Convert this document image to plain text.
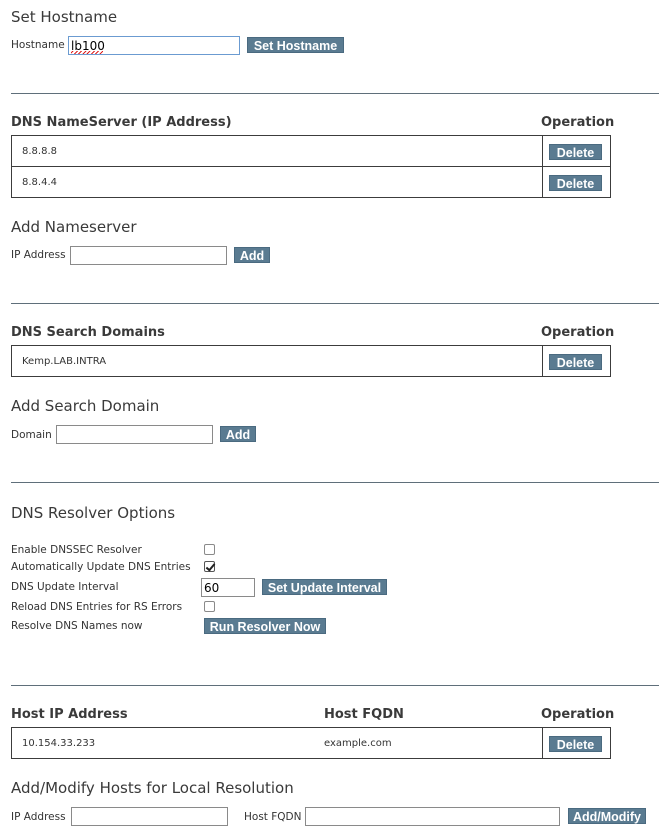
Set Hostname
Hostname
lb100	Set Hostname
DNS NameServer (IP Address)	Operation
8.8.8.8	Delete
8.8.4.4	Delete
Add Nameserver
IP Address	Add
DNS Search Domains	Operation
Kemp.LAB.INTRA	Delete
Add Search Domain
Domain	Add
DNS Resolver Options
Enable DNSSEC Resolver
Automatically Update DNS Entries
DNS Update Interval
60	Set Update Interval
Reload DNS Entries for RS Errors
Resolve DNS Names now	Run Resolver Now
Host IP Address	Host FQDN	Operation
10.154.33.233	example.com	Delete
Add/Modify Hosts for Local Resolution
IP Address	Host FQDN	Add/Modify
